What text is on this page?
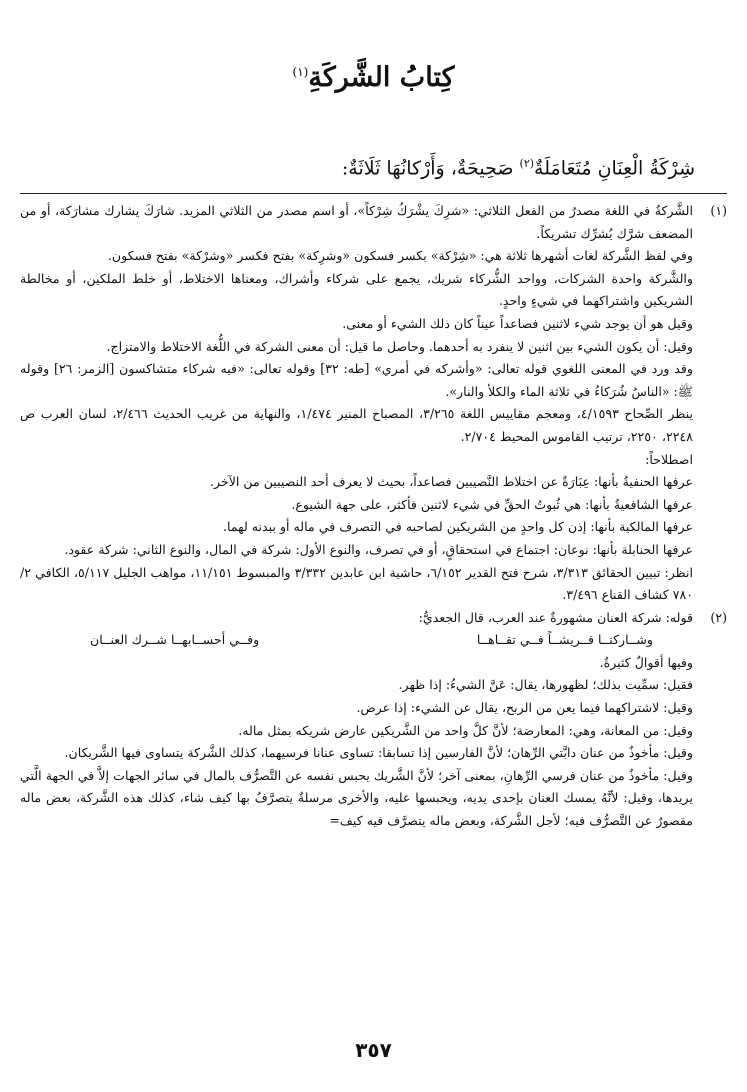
كِتابُ الشَّركَةِ$^{(١)}$
شِرْكَةُ الْعِنَانِ مُتَعَامَلَةٌ$^{(٢)}$ صَحِيحَةٌ، وَأَرْكانُهَا ثَلَاثَةٌ:
(١)

الشَّركةُ في اللغة مصدرٌ من الفعل الثلاثي: «شرِكَ يشْرَكُ شِرْكاً»، أو اسم مصدر من الثلاثي المزيد. شارَكَ يشارك مشارَكة، أو من المضعف شرَّك يُشرِّك تشريكاً.

وفي لفظ الشَّركة لغات أشهرها ثلاثة هي: «شِرْكة» بكسر فسكون «وشرِكة» بفتح فكسر «وشرْكة» بفتح فسكون.

والشَّركة واحدة الشركات، وواحد الشُّركاء شريك، يجمع على شركاء وأشراك، ومعناها الاختلاط، أو خلط الملكين، أو مخالطة الشريكين واشتراكهما في شيءٍ واحدٍ.

وقيل هو أن يوجد شيء لاثنين فصاعداً عيناً كان ذلك الشيء أو معنى.

وقيل: أن يكون الشيء بين اثنين لا ينفرد به أحدهما. وحاصل ما قيل: أن معنى الشركة في اللُّغة الاختلاط والامتزاج.

وقد ورد في المعنى اللغوي قوله تعالى: «وأشركه في أمري» [طه: ٣٢] وقوله تعالى: «فيه شركاء متشاكسون [الزمر: ٢٦] وقوله ﷺ: «الناسُ شُرَكاءُ في ثلاثة الماء والكلأ والنار».

ينظر الصِّحاح ٤/١٥٩٣، ومعجم مقاييس اللغة ٣/٢٦٥، المصباح المنير ١/٤٧٤، والنهاية من غريب الحديث ٢/٤٦٦، لسان العرب ص ٢٢٤٨، ٢٢٥٠، ترتيب القاموس المحيط ٢/٧٠٤.

اصطلاحاً:

عرفها الحنفيةُ بأنها: عِبَارَةٌ عن اختلاط النَّصيبين فصاعداً، بحيث لا يعرف أحد النصيبين من الآخر.

عرفها الشافعيةُ بأنها: هي ثُبوتُ الحقِّ في شيء لاثنين فأكثر، على جهة الشيوع.

عرفها المالكية بأنها: إذن كل واحدٍ من الشريكين لصاحبه في التصرف في ماله أو ببدنه لهما.

عرفها الحنابلة بأنها: نوعان: اجتماع في استحقاقٍ، أو في تصرف، والنوع الأول: شركة في المال، والنوع الثاني: شركة عقود.

انظر: تبيين الحقائق ٣/٣١٣، شرح فتح القدير ٦/١٥٢، حاشية ابن عابدين ٣/٣٣٢ والمبسوط ١١/١٥١، مواهب الجليل ٥/١١٧، الكافي ٢/ ٧٨٠ كشاف القناع ٣/٤٩٦.

(٢)

قوله: شركة العنان مشهورةٌ عند العرب، قال الجعديُّ:

وشــاركنــا قــريشــاً فــي تقــاهــا
وفــي أحســابهــا شــرك العنــان

وفيها أقوالٌ كثيرةٌ.

فقيل: سمِّيت بذلك؛ لظهورها، يقال: عَنَّ الشيءُ: إذا ظهر.

وقيل: لاشتراكهما فيما يعن من الربح، يقال عن الشيء: إذا عرض.

وقيل: من المعانة، وهي: المعارضة؛ لأنَّ كلَّ واحد من الشَّريكين عارض شريكه بمثل ماله.

وقيل: مأخوذٌ من عنان دابَّتي الرِّهان؛ لأنَّ الفارسين إذا تسابقا: تساوى عنانا فرسيهما، كذلك الشَّركة يتساوى فيها الشَّريكان.

وقيل: مأخوذٌ من عنان فرسي الرِّهانِ، بمعنى آخر؛ لأنَّ الشَّريك يحبس نفسه عن التَّصرُّف بالمال في سائر الجهات إلاَّ في الجهة الَّتي يريدها، وقيل: لأنَّهُ يمسك العنان بإحدى يديه، ويحبسها عليه، والأخرى مرسلةٌ يتصرَّفُ بها كيف شاء، كذلك هذه الشَّركة، بعض ماله مقصورٌ عن التَّصرُّف فيه؛ لأجل الشَّركة، وبعض ماله يتصرَّف فيه كيف=

٣٥٧
